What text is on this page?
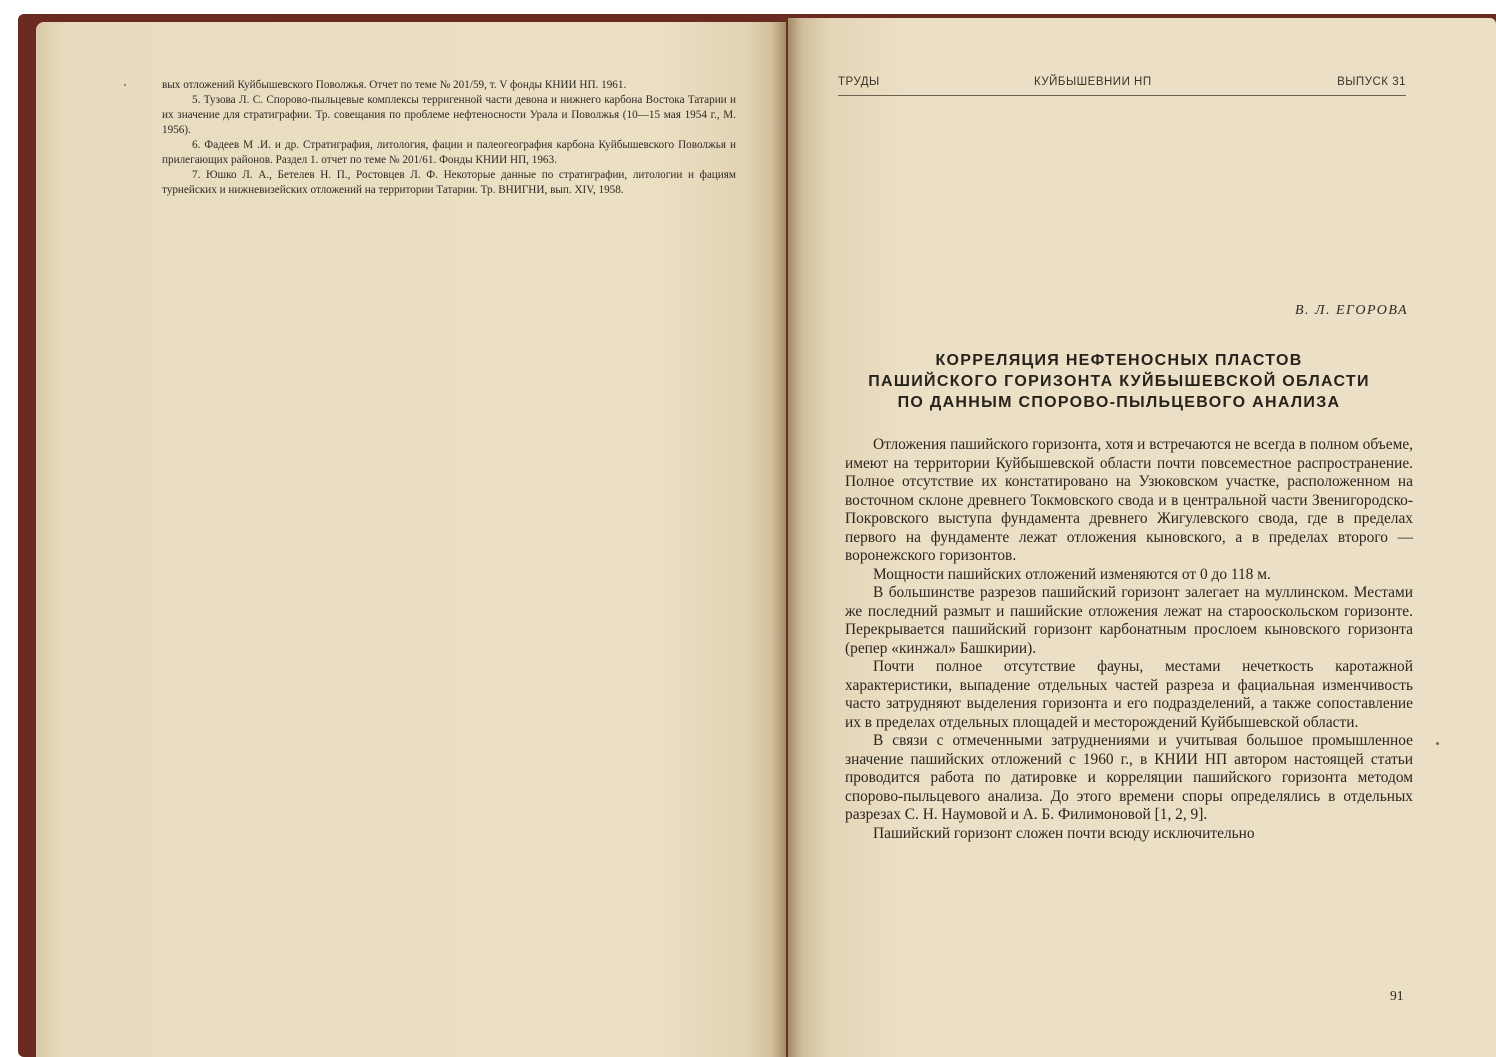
вых отложений Куйбышевского Поволжья. Отчет по теме № 201/59, т. V фонды КНИИ НП. 1961.

5. Тузова Л. С. Спорово-пыльцевые комплексы терригенной части девона и нижнего карбона Востока Татарии и их значение для стратиграфии. Тр. совещания по проблеме нефтеносности Урала и Поволжья (10—15 мая 1954 г., М. 1956).

6. Фадеев М .И. и др. Стратиграфия, литология, фации и палеогеография карбона Куйбышевского Поволжья и прилегающих районов. Раздел 1. отчет по теме № 201/61. Фонды КНИИ НП, 1963.

7. Юшко Л. А., Бетелев Н. П., Ростовцев Л. Ф. Некоторые данные по стратиграфии, литологии и фациям турнейских и нижневизейских отложений на территории Татарии. Тр. ВНИГНИ, вып. XIV, 1958.

ТРУДЫ	КУЙБЫШЕВНИИ НП	ВЫПУСК 31
В. Л. ЕГОРОВА
КОРРЕЛЯЦИЯ НЕФТЕНОСНЫХ ПЛАСТОВ
ПАШИЙСКОГО ГОРИЗОНТА КУЙБЫШЕВСКОЙ ОБЛАСТИ
ПО ДАННЫМ СПОРОВО-ПЫЛЬЦЕВОГО АНАЛИЗА

Отложения пашийского горизонта, хотя и встречаются не всегда в полном объеме, имеют на территории Куйбышевской области почти повсеместное распространение. Полное отсутствие их констатировано на Узюковском участке, расположенном на восточном склоне древнего Токмовского свода и в центральной части Звенигородско-Покровского выступа фундамента древнего Жигулевского свода, где в пределах первого на фундаменте лежат отложения кыновского, а в пределах второго — воронежского горизонтов.

Мощности пашийских отложений изменяются от 0 до 118 м.

В большинстве разрезов пашийский горизонт залегает на муллинском. Местами же последний размыт и пашийские отложения лежат на старооскольском горизонте. Перекрывается пашийский горизонт карбонатным прослоем кыновского горизонта (репер «кинжал» Башкирии).

Почти полное отсутствие фауны, местами нечеткость каротажной характеристики, выпадение отдельных частей разреза и фациальная изменчивость часто затрудняют выделения горизонта и его подразделений, а также сопоставление их в пределах отдельных площадей и месторождений Куйбышевской области.

В связи с отмеченными затруднениями и учитывая большое промышленное значение пашийских отложений с 1960 г., в КНИИ НП автором настоящей статьи проводится работа по датировке и корреляции пашийского горизонта методом спорово-пыльцевого анализа. До этого времени споры определялись в отдельных разрезах С. Н. Наумовой и А. Б. Филимоновой [1, 2, 9].

Пашийский горизонт сложен почти всюду исключительно

91
